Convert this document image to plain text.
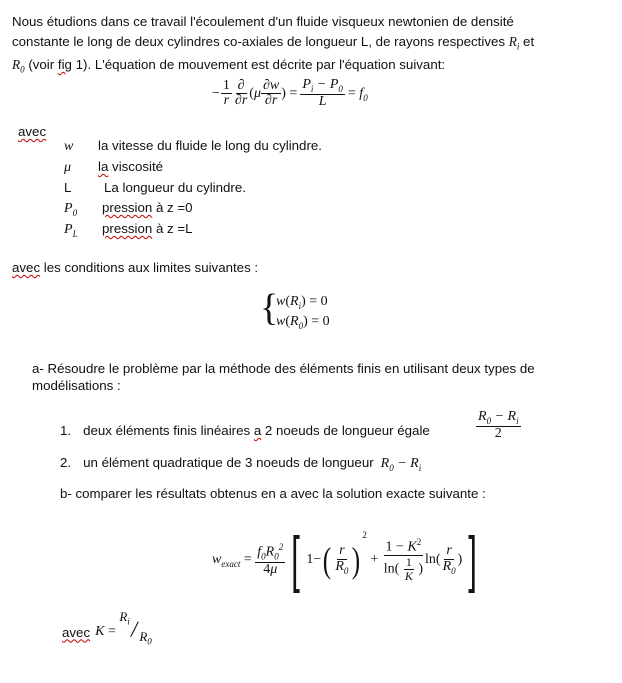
Nous étudions dans ce travail l'écoulement d'un fluide visqueux newtonien de densité
constante le long de deux cylindres co-axiales de longueur L, de rayons respectives $R_i$ et
$R_0$ (voir fig 1). L'équation de mouvement est décrite par l'équation suivant:
− $\frac{1}{r} \frac{\partial}{\partial r}$ ( μ $\frac{\partial w}{\partial r}$ ) = $\frac{P_i - P_0}{L} = f_0$
avec
w la vitesse du fluide le long du cylindre.
μ la viscosité
L La longueur du cylindre.
$P_0$ pression à z =0
$P_L$ pression à z =L
avec les conditions aux limites suivantes :
{
$w(R_i) = 0$
$w(R_0) = 0$
a- Résoudre le problème par la méthode des éléments finis en utilisant deux types de
modélisations :
1. deux éléments finis linéaires a 2 noeuds de longueur égale	$\frac{R_0 - R_i}{2}$
2. un élément quadratique de 3 noeuds de longueur  $R_0 - R_i$
b- comparer les résultats obtenus en a avec la solution exacte suivante :
$w_{exact} = \frac{f_0R_0^2}{4\mu}$ [ 1− ( $\frac{r}{R_0}$ )
$^2$
+ $\frac{1 - K^2}{\ln( \frac{1}{K} )} \ln( \frac{r}{R_0}$ ) ]
avec K =
$R_i / R_0$
